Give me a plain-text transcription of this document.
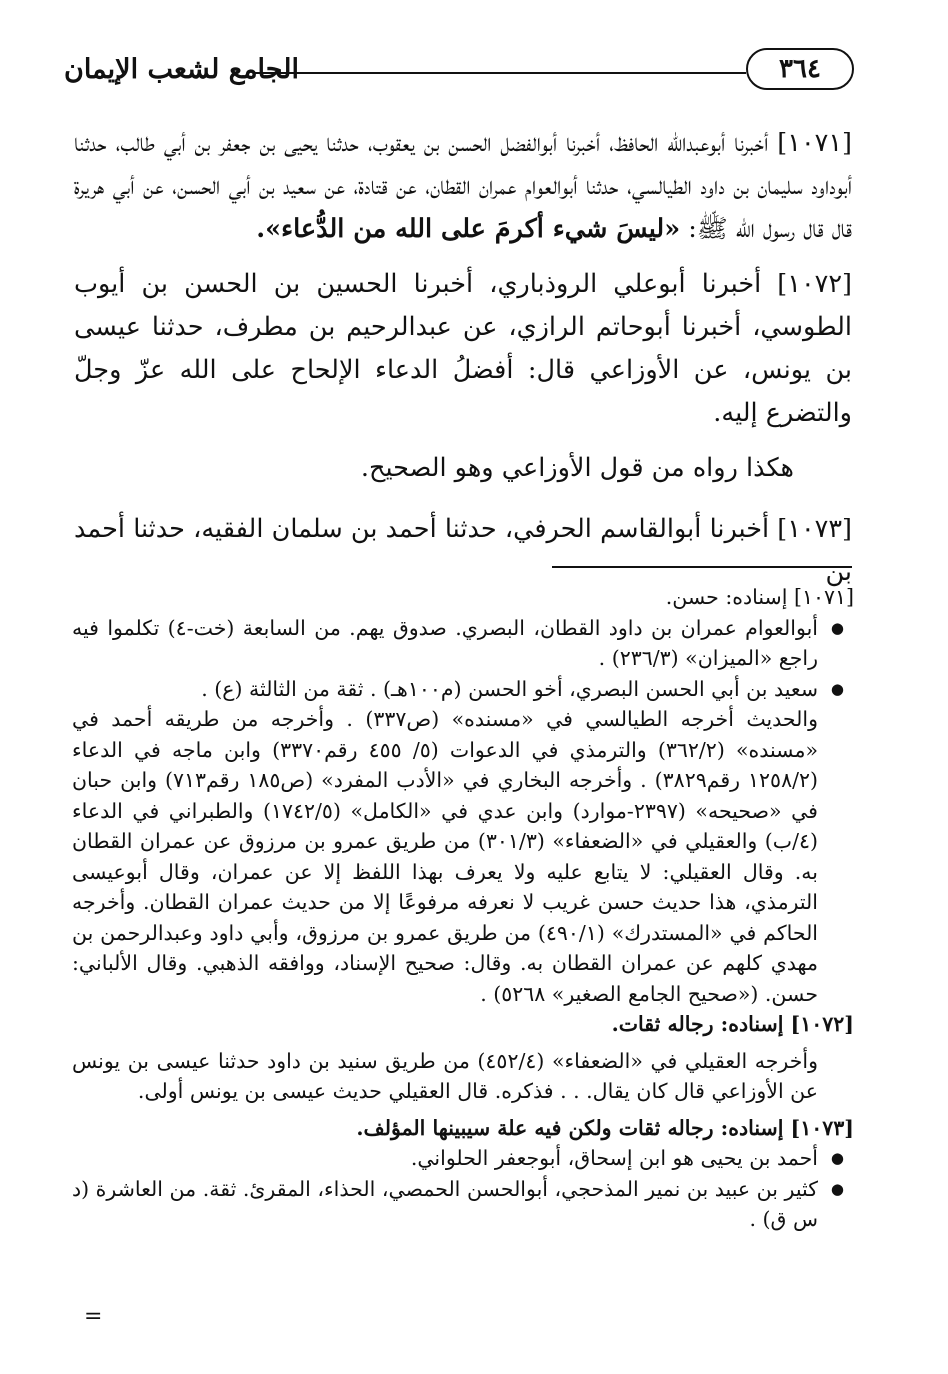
الجامع لشعب الإيمان	٣٦٤

[١٠٧١] أخبرنا أبوعبدالله الحافظ، أخبرنا أبوالفضل الحسن بن يعقوب، حدثنا يحيى بن جعفر بن أبي طالب، حدثنا أبوداود سليمان بن داود الطيالسي، حدثنا أبوالعوام عمران القطان، عن قتادة، عن سعيد بن أبي الحسن، عن أبي هريرة قال قال رسول الله ﷺ: «ليسَ شيء أكرمَ على الله من الدُّعاء».

[١٠٧٢] أخبرنا أبوعلي الروذباري، أخبرنا الحسين بن الحسن بن أيوب الطوسي، أخبرنا أبوحاتم الرازي، عن عبدالرحيم بن مطرف، حدثنا عيسى بن يونس، عن الأوزاعي قال: أفضلُ الدعاء الإلحاح على الله عزّ وجلّ والتضرع إليه.

هكذا رواه من قول الأوزاعي وهو الصحيح.

[١٠٧٣] أخبرنا أبوالقاسم الحرفي، حدثنا أحمد بن سلمان الفقيه، حدثنا أحمد بن

[١٠٧١] إسناده: حسن.

●
أبوالعوام عمران بن داود القطان، البصري. صدوق يهم. من السابعة (خت-٤) تكلموا فيه راجع «الميزان» (٢٣٦/٣) .

●
سعيد بن أبي الحسن البصري، أخو الحسن (م١٠٠هـ) . ثقة من الثالثة (ع) .

والحديث أخرجه الطيالسي في «مسنده» (ص٣٣٧) . وأخرجه من طريقه أحمد في «مسنده» (٣٦٢/٢) والترمذي في الدعوات (٥/ ٤٥٥ رقم٣٣٧٠) وابن ماجه في الدعاء (١٢٥٨/٢ رقم٣٨٢٩) . وأخرجه البخاري في «الأدب المفرد» (ص١٨٥ رقم٧١٣) وابن حبان في «صحيحه» (٢٣٩٧-موارد) وابن عدي في «الكامل» (١٧٤٢/٥) والطبراني في الدعاء (٤/ب) والعقيلي في «الضعفاء» (٣٠١/٣) من طريق عمرو بن مرزوق عن عمران القطان به. وقال العقيلي: لا يتابع عليه ولا يعرف بهذا اللفظ إلا عن عمران، وقال أبوعيسى الترمذي، هذا حديث حسن غريب لا نعرفه مرفوعًا إلا من حديث عمران القطان. وأخرجه الحاكم في «المستدرك» (٤٩٠/١) من طريق عمرو بن مرزوق، وأبي داود وعبدالرحمن بن مهدي كلهم عن عمران القطان به. وقال: صحيح الإسناد، ووافقه الذهبي. وقال الألباني: حسن. («صحيح الجامع الصغير» ٥٢٦٨) .

[١٠٧٢] إسناده: رجاله ثقات.

وأخرجه العقيلي في «الضعفاء» (٤٥٢/٤) من طريق سنيد بن داود حدثنا عيسى بن يونس عن الأوزاعي قال كان يقال. . . فذكره. قال العقيلي حديث عيسى بن يونس أولى.

[١٠٧٣] إسناده: رجاله ثقات ولكن فيه علة سيبينها المؤلف.

●
أحمد بن يحيى هو ابن إسحاق، أبوجعفر الحلواني.

●
كثير بن عبيد بن نمير المذحجي، أبوالحسن الحمصي، الحذاء، المقرئ. ثقة. من العاشرة (د س ق) .

=
